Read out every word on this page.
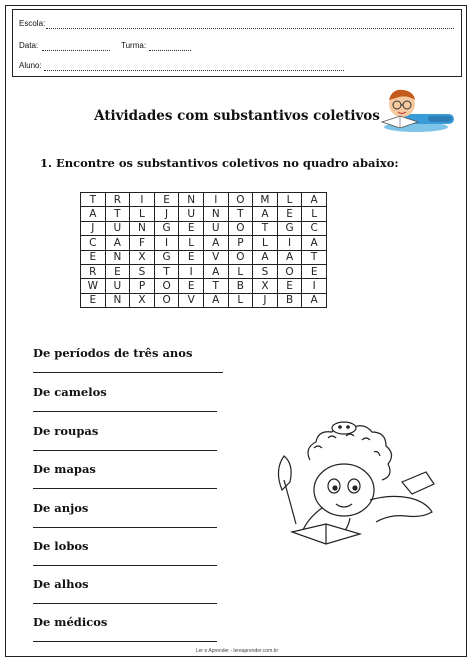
Escola:
Data:	Turma:
Aluno:
Atividades com substantivos coletivos
1. Encontre os substantivos coletivos no quadro abaixo:
T	R	I	E	N	I	O	M	L	A
A	T	L	J	U	N	T	A	E	L
J	U	N	G	E	U	O	T	G	C
C	A	F	I	L	A	P	L	I	A
E	N	X	G	E	V	O	A	A	T
R	E	S	T	I	A	L	S	O	E
W	U	P	O	E	T	B	X	E	I
E	N	X	O	V	A	L	J	B	A
De períodos de três anos
De camelos
De roupas
De mapas
De anjos
De lobos
De alhos
De médicos
Ler e Aprender - lereaprender.com.br
